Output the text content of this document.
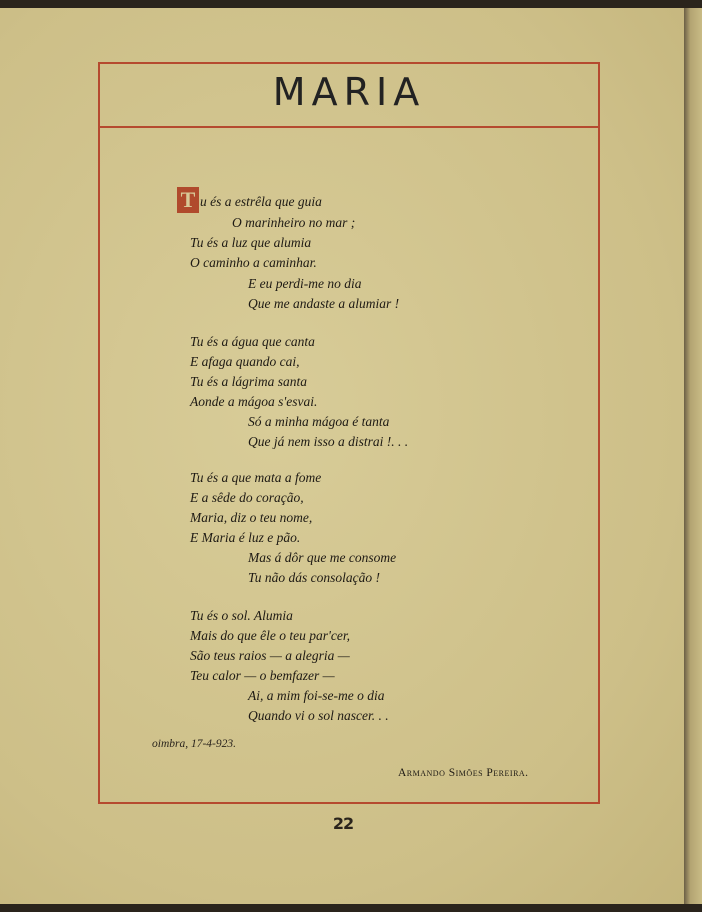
MARIA
T u és a estrêla que guia
O marinheiro no mar ;
Tu és a luz que alumia
O caminho a caminhar.
E eu perdi-me no dia
Que me andaste a alumiar !
Tu és a água que canta
E afaga quando cai,
Tu és a lágrima santa
Aonde a mágoa s'esvai.
Só a minha mágoa é tanta
Que já nem isso a distrai !. . .
Tu és a que mata a fome
E a sêde do coração,
Maria, diz o teu nome,
E Maria é luz e pão.
Mas á dôr que me consome
Tu não dás consolação !
Tu és o sol. Alumia
Mais do que êle o teu par'cer,
São teus raios — a alegria —
Teu calor — o bemfazer —
Ai, a mim foi-se-me o dia
Quando vi o sol nascer. . .
oimbra, 17-4-923.
Armando Simões Pereira.
22
